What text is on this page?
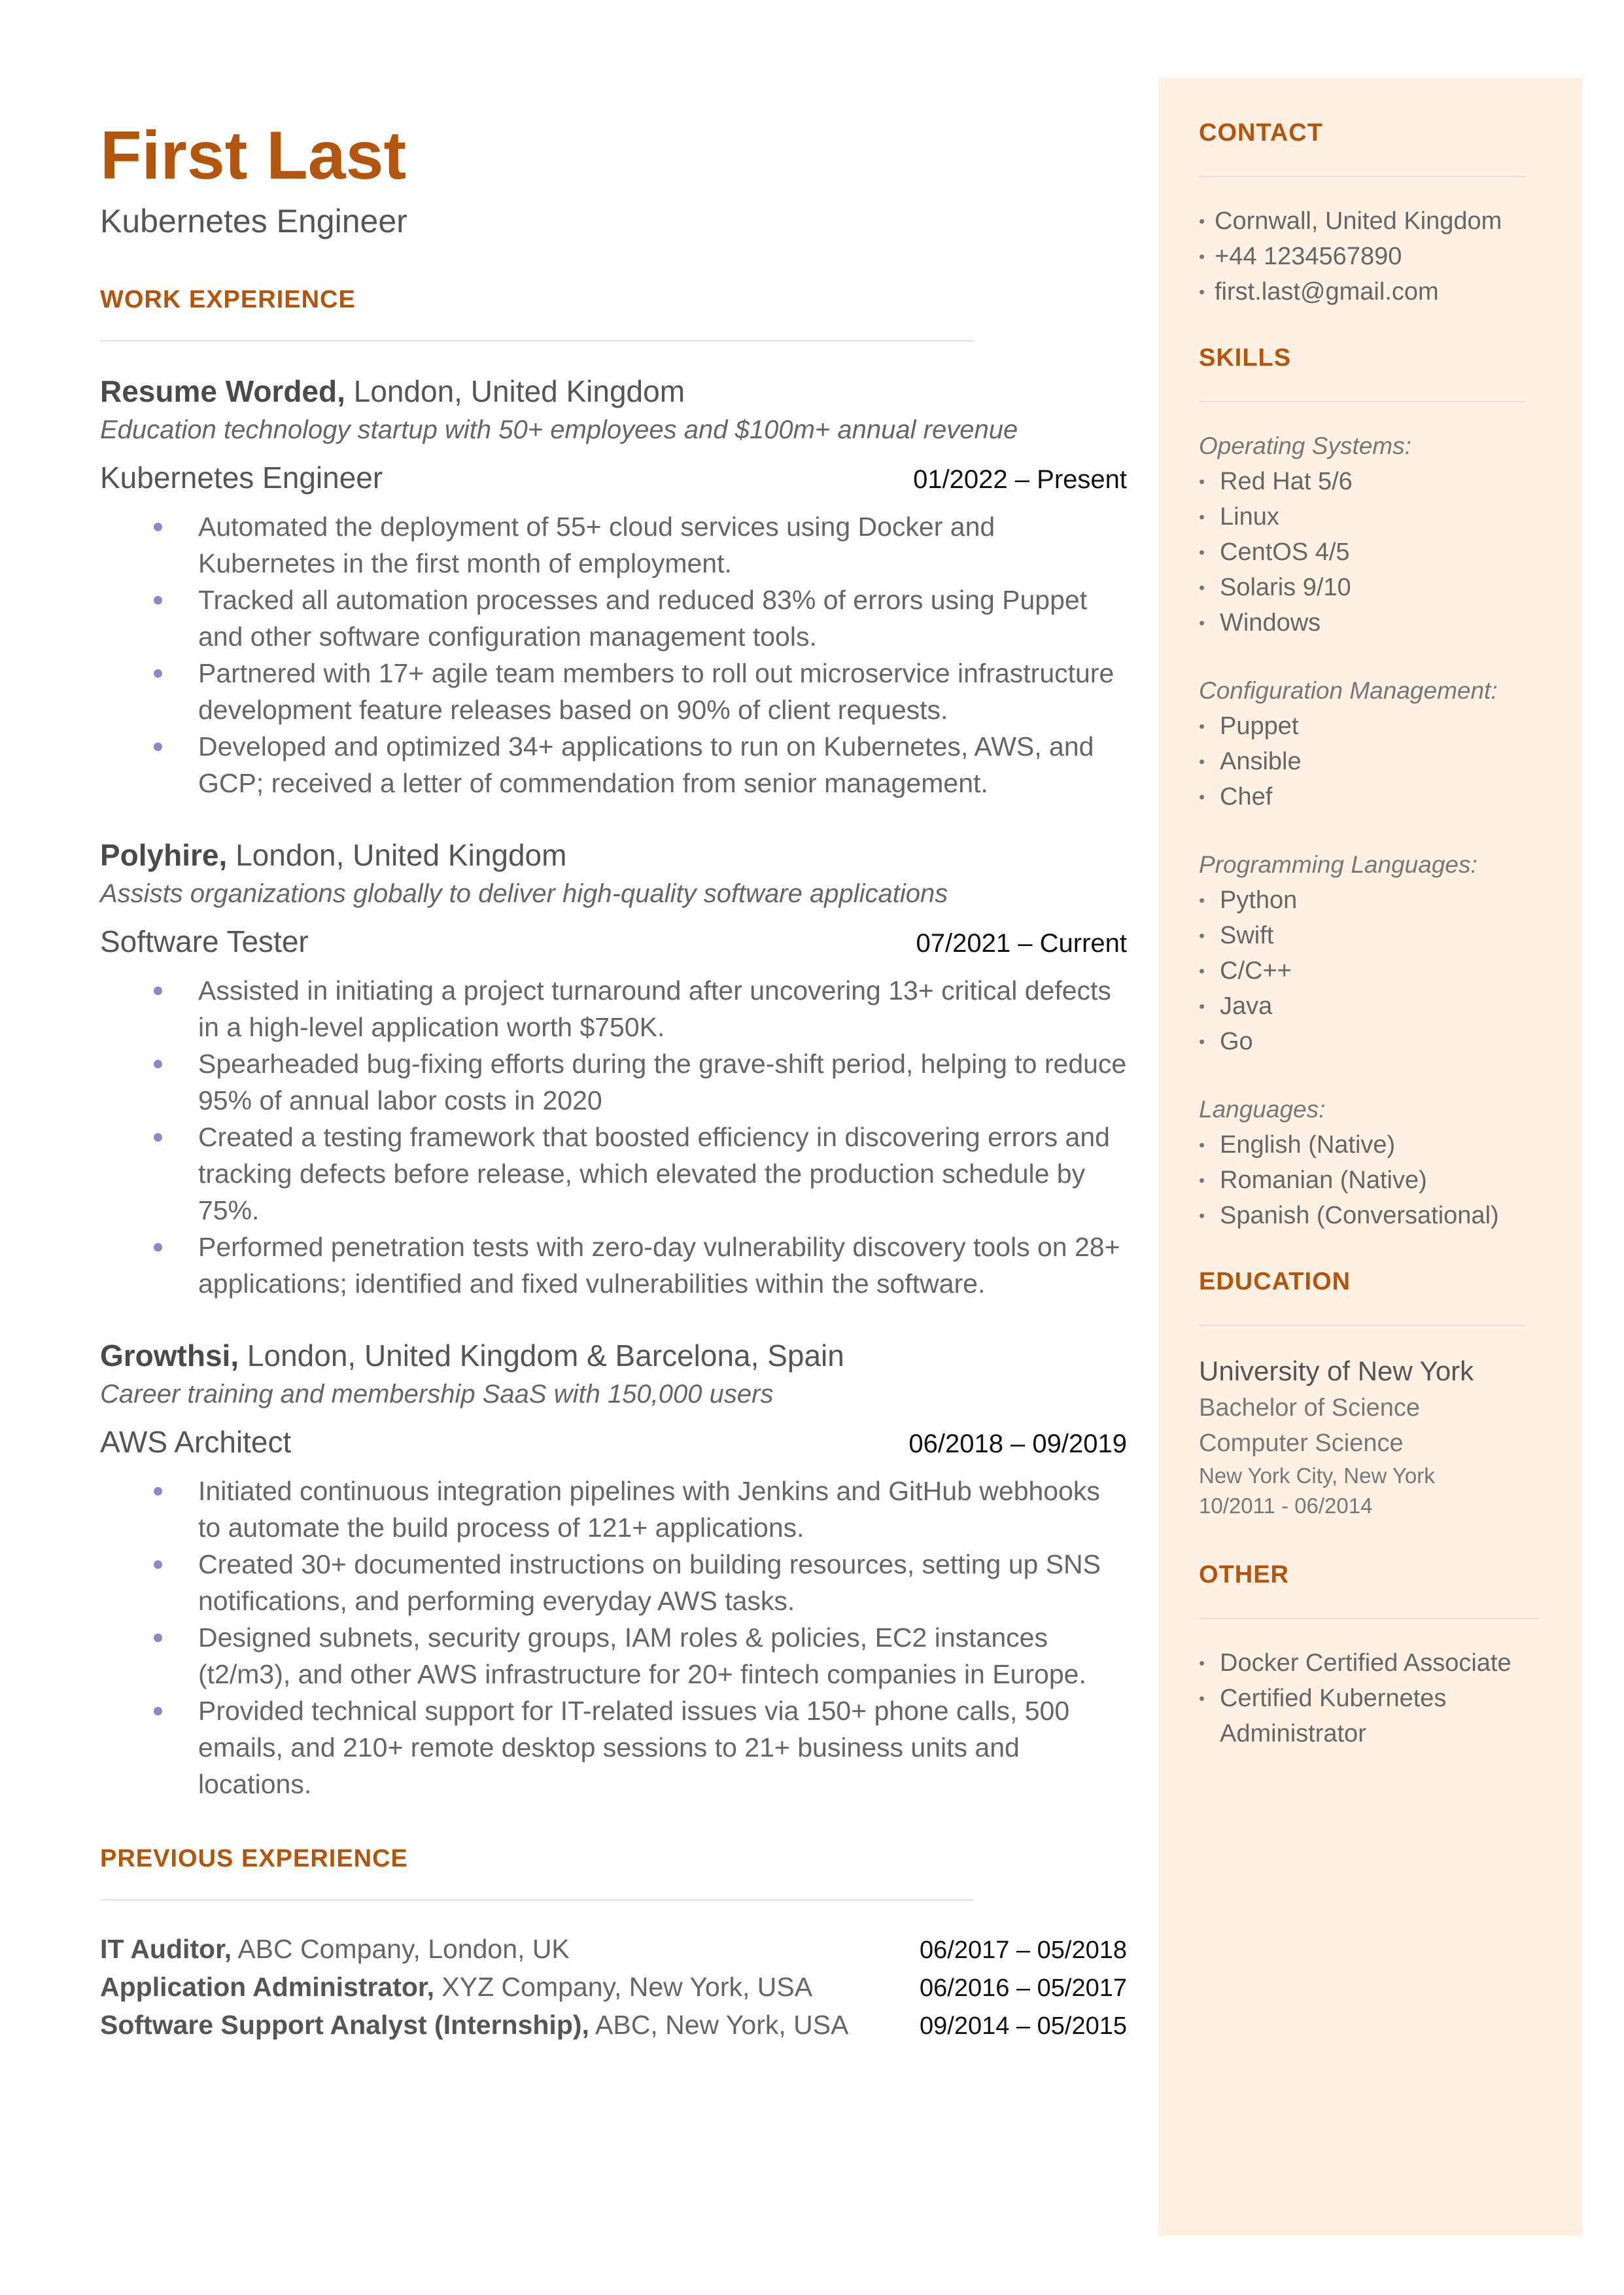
First Last
Kubernetes Engineer
WORK EXPERIENCE
Resume Worded, London, United Kingdom
Education technology startup with 50+ employees and $100m+ annual revenue
Kubernetes Engineer	01/2022 – Present
Automated the deployment of 55+ cloud services using Docker and Kubernetes in the first month of employment.
Tracked all automation processes and reduced 83% of errors using Puppet and other software configuration management tools.
Partnered with 17+ agile team members to roll out microservice infrastructure development feature releases based on 90% of client requests.
Developed and optimized 34+ applications to run on Kubernetes, AWS, and GCP; received a letter of commendation from senior management.
Polyhire, London, United Kingdom
Assists organizations globally to deliver high-quality software applications
Software Tester	07/2021 – Current
Assisted in initiating a project turnaround after uncovering 13+ critical defects in a high-level application worth $750K.
Spearheaded bug-fixing efforts during the grave-shift period, helping to reduce 95% of annual labor costs in 2020
Created a testing framework that boosted efficiency in discovering errors and tracking defects before release, which elevated the production schedule by 75%.
Performed penetration tests with zero-day vulnerability discovery tools on 28+ applications; identified and fixed vulnerabilities within the software.
Growthsi, London, United Kingdom & Barcelona, Spain
Career training and membership SaaS with 150,000 users
AWS Architect	06/2018 – 09/2019
Initiated continuous integration pipelines with Jenkins and GitHub webhooks to automate the build process of 121+ applications.
Created 30+ documented instructions on building resources, setting up SNS notifications, and performing everyday AWS tasks.
Designed subnets, security groups, IAM roles & policies, EC2 instances (t2/m3), and other AWS infrastructure for 20+ fintech companies in Europe.
Provided technical support for IT-related issues via 150+ phone calls, 500 emails, and 210+ remote desktop sessions to 21+ business units and locations.
PREVIOUS EXPERIENCE
IT Auditor, ABC Company, London, UK	06/2017 – 05/2018
Application Administrator, XYZ Company, New York, USA	06/2016 – 05/2017
Software Support Analyst (Internship), ABC, New York, USA	09/2014 – 05/2015
CONTACT
• Cornwall, United Kingdom
• +44 1234567890
• first.last@gmail.com
SKILLS
Operating Systems:
• Red Hat 5/6
• Linux
• CentOS 4/5
• Solaris 9/10
• Windows
Configuration Management:
• Puppet
• Ansible
• Chef
Programming Languages:
• Python
• Swift
• C/C++
• Java
• Go
Languages:
• English (Native)
• Romanian (Native)
• Spanish (Conversational)
EDUCATION
University of New York
Bachelor of Science
Computer Science
New York City, New York
10/2011 - 06/2014
OTHER
• Docker Certified Associate
• Certified Kubernetes Administrator
